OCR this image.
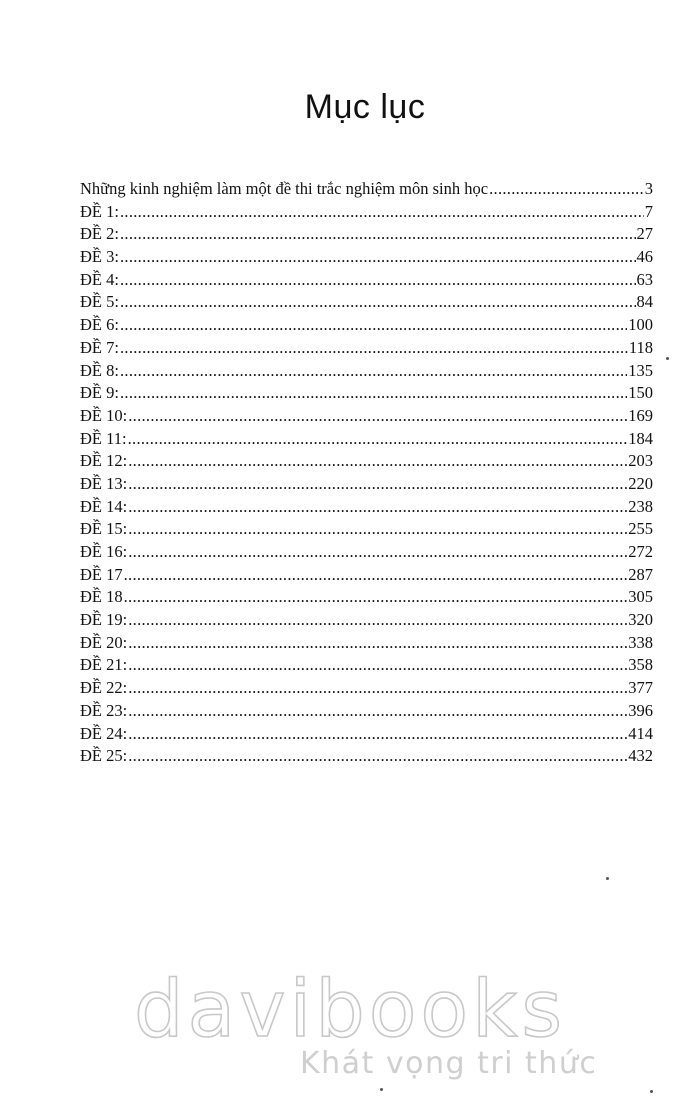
Mục lục
Những kinh nghiệm làm một đề thi trắc nghiệm môn sinh học .....	3
ĐỀ 1: .....	7
ĐỀ 2: .....	27
ĐỀ 3: .....	46
ĐỀ 4: .....	63
ĐỀ 5: .....	84
ĐỀ 6: .....	100
ĐỀ 7: .....	118
ĐỀ 8: .....	135
ĐỀ 9: .....	150
ĐỀ 10: .....	169
ĐỀ 11: .....	184
ĐỀ 12: .....	203
ĐỀ 13: .....	220
ĐỀ 14: .....	238
ĐỀ 15: .....	255
ĐỀ 16: .....	272
ĐỀ 17 .....	287
ĐỀ 18 .....	305
ĐỀ 19: .....	320
ĐỀ 20: .....	338
ĐỀ 21: .....	358
ĐỀ 22: .....	377
ĐỀ 23: .....	396
ĐỀ 24: .....	414
ĐỀ 25: .....	432
davibooks
Khát vọng tri thức
